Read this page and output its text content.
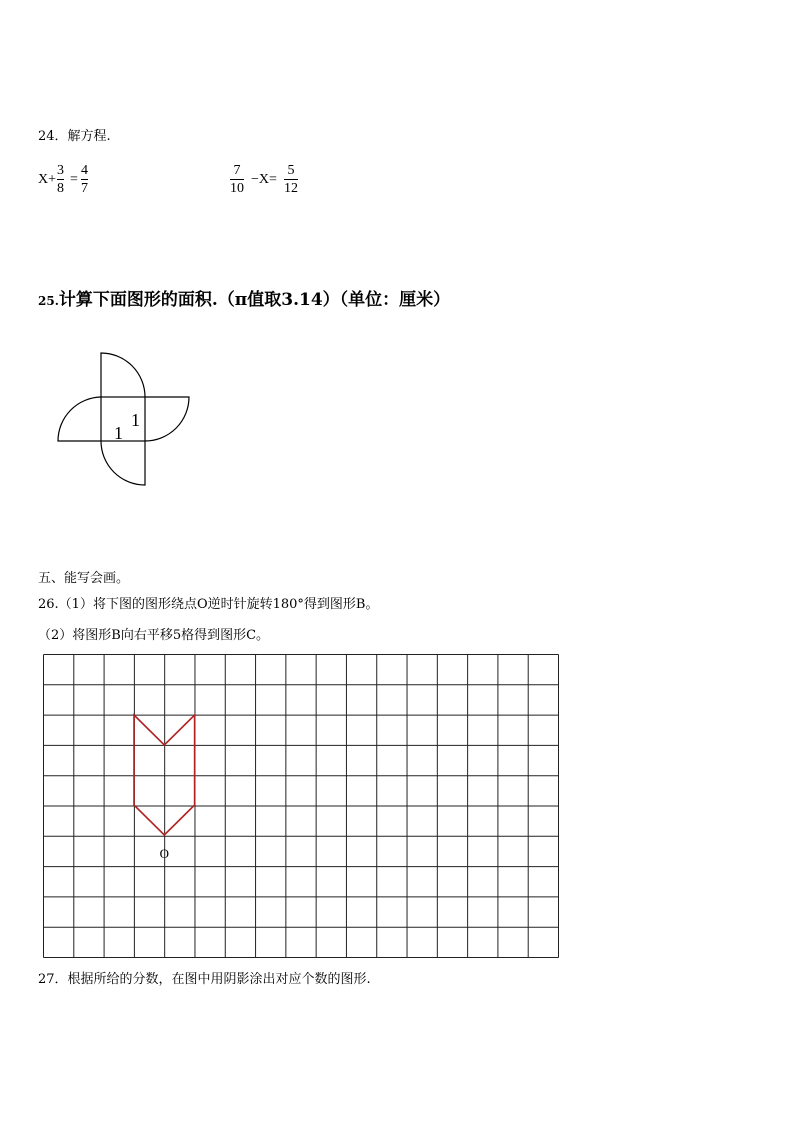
24．解方程.
X+
3
8
=
4
7
7
10
−X=
5
12
25.计算下面图形的面积.（π值取3.14）（单位：厘米）
1
1
五、能写会画。
26.（1）将下图的图形绕点O逆时针旋转180°得到图形B。
（2）将图形B向右平移5格得到图形C。
O
27．根据所给的分数，在图中用阴影涂出对应个数的图形.
